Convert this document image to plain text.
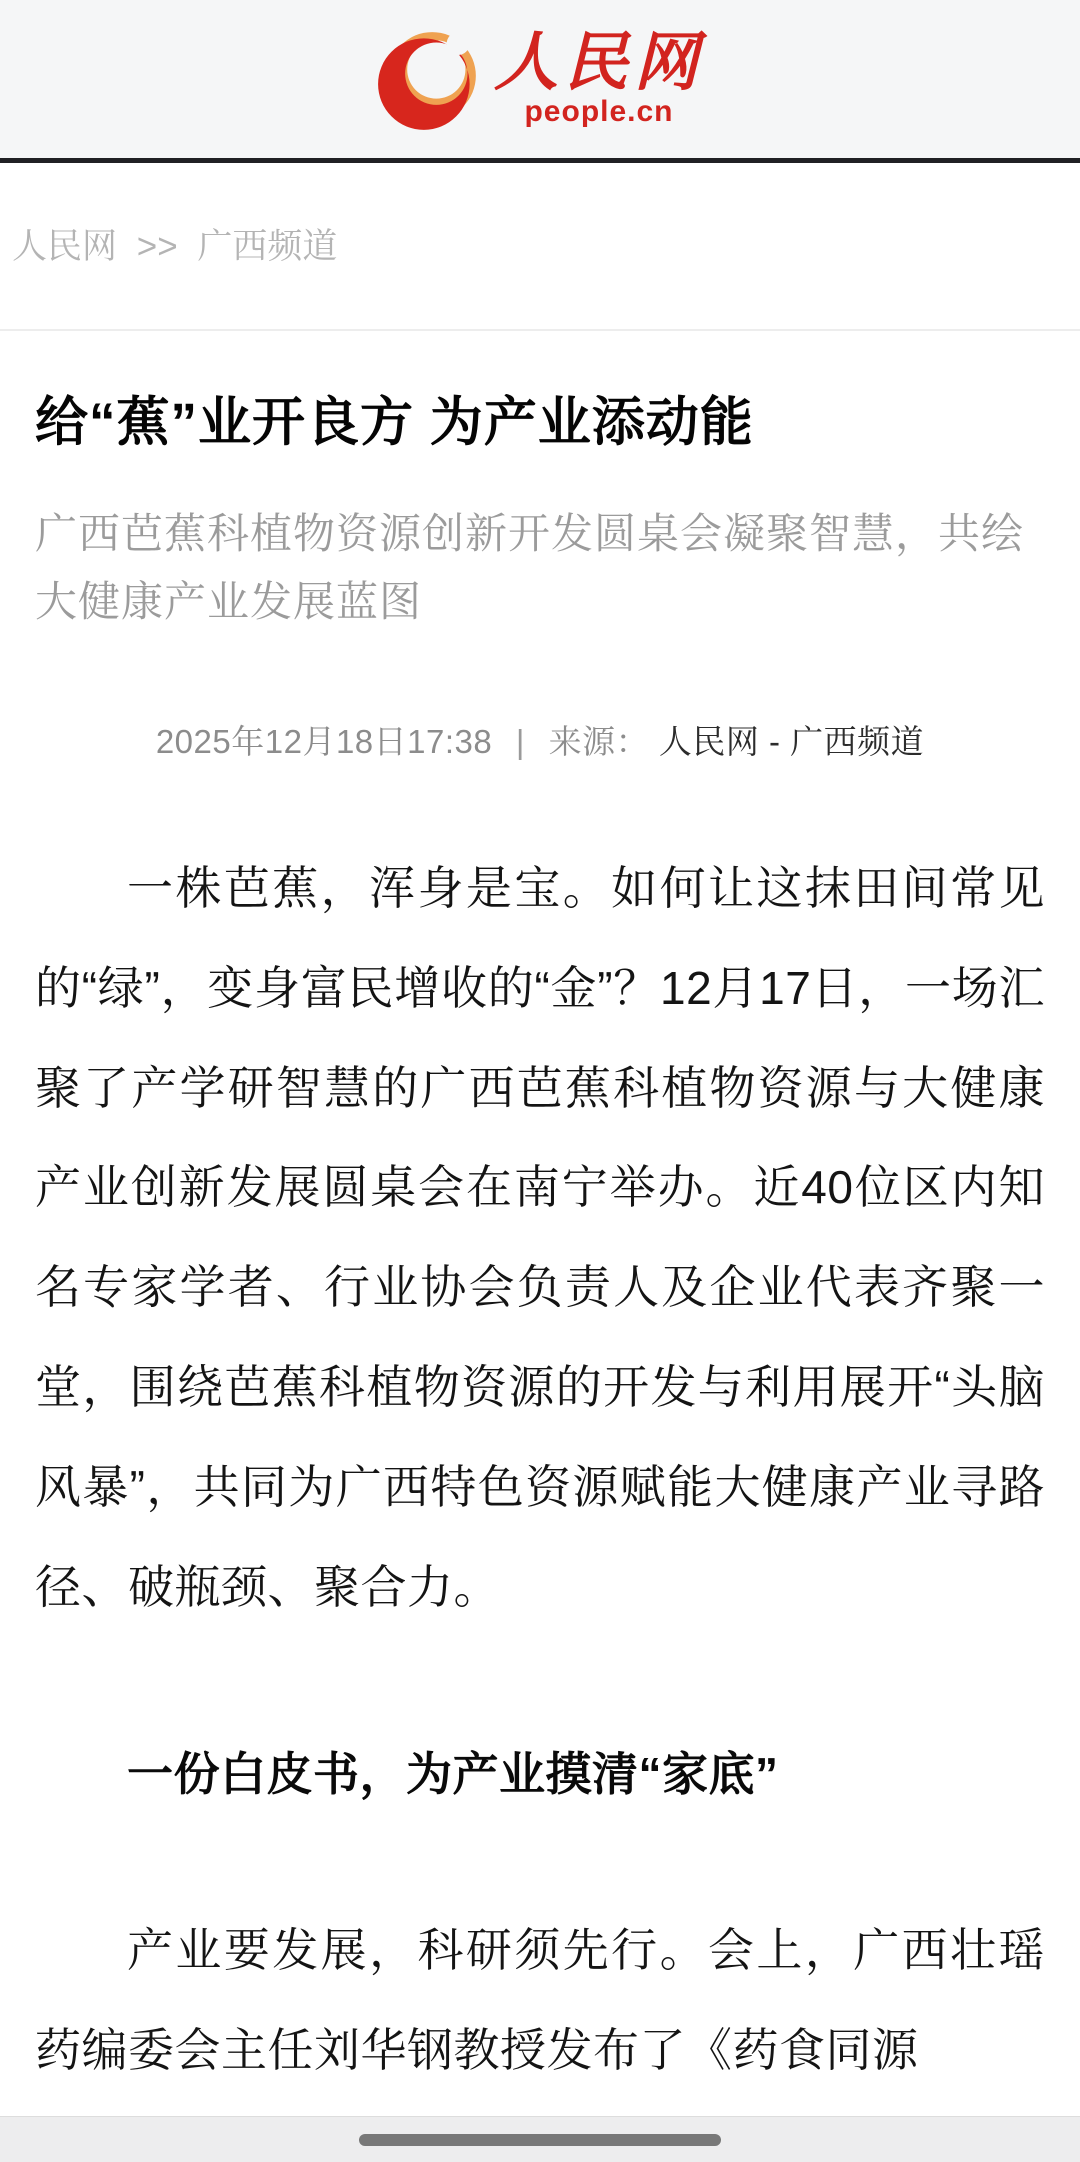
人民网
people.cn
人民网 >> 广西频道
给“蕉”业开良方 为产业添动能
广西芭蕉科植物资源创新开发圆桌会凝聚智慧，共绘大健康产业发展蓝图
2025年12月18日17:38 | 来源： 人民网 - 广西频道

一株芭蕉，浑身是宝。如何让这抹田间常见的“绿”，变身富民增收的“金”？12月17日，一场汇聚了产学研智慧的广西芭蕉科植物资源与大健康产业创新发展圆桌会在南宁举办。近40位区内知名专家学者、行业协会负责人及企业代表齐聚一堂，围绕芭蕉科植物资源的开发与利用展开“头脑风暴”，共同为广西特色资源赋能大健康产业寻路径、破瓶颈、聚合力。

一份白皮书，为产业摸清“家底”

产业要发展，科研须先行。会上，广西壮瑶药编委会主任刘华钢教授发布了《药食同源
